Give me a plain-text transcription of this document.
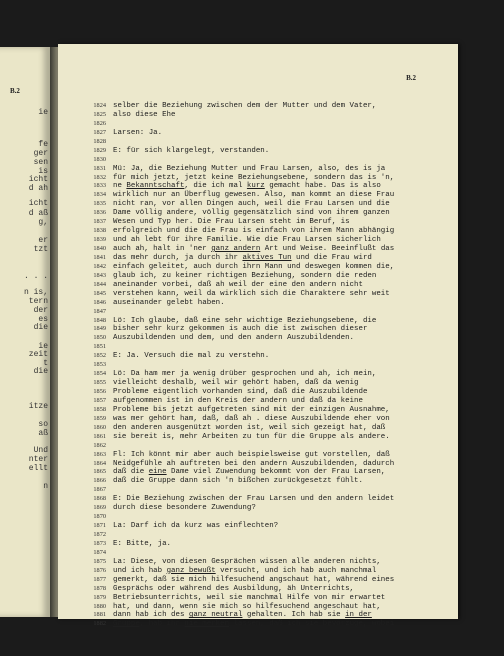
B.2
ie
fe
ger
sen
is
icht
d ah
icht
d aß
g,
er
tzt
. . .
n is,
tern
der
es
die
ie
zeit
t
die
itze
so
aß
Und
nter
ellt
n
B.2
1824 selber die Beziehung zwischen dem der Mutter und dem Vater,
1825 also diese Ehe
1826
1827 Larsen: Ja.
1828
1829 E: für sich klargelegt, verstanden.
1830
1831 Mü: Ja, die Beziehung Mutter und Frau Larsen, also, des is ja
1832 für mich jetzt, jetzt keine Beziehungsebene, sondern das is 'n,
1833 ne Bekanntschaft, die ich mal kurz gemacht habe. Das is also
1834 wirklich nur an Überflug gewesen. Also, man kommt an diese Frau
1835 nicht ran, vor allen Dingen auch, weil die Frau Larsen und die
1836 Dame völlig andere, völlig gegensätzlich sind von ihrem ganzen
1837 Wesen und Typ her. Die Frau Larsen steht im Beruf, is
1838 erfolgreich und die die Frau is einfach von ihrem Mann abhängig
1839 und ah lebt für ihre Familie. Wie die Frau Larsen sicherlich
1840 auch ah, halt in 'ner ganz andern Art und Weise. Beeinflußt das
1841 das mehr durch, ja durch ihr aktives Tun und die Frau wird
1842 einfach geleitet, auch durch ihrn Mann und deswegen kommen die,
1843 glaub ich, zu keiner richtigen Beziehung, sondern die reden
1844 aneinander vorbei, daß ah weil der eine den andern nicht
1845 verstehen kann, weil da wirklich sich die Charaktere sehr weit
1846 auseinander gelebt haben.
1847
1848 Lö: Ich glaube, daß eine sehr wichtige Beziehungsebene, die
1849 bisher sehr kurz gekommen is auch die ist zwischen dieser
1850 Auszubildenden und dem, und den andern Auszubildenden.
1851
1852 E: Ja. Versuch die mal zu verstehn.
1853
1854 Lö: Da ham mer ja wenig drüber gesprochen und ah, ich mein,
1855 vielleicht deshalb, weil wir gehört haben, daß da wenig
1856 Probleme eigentlich vorhanden sind, daß die Auszubildende
1857 aufgenommen ist in den Kreis der andern und daß da keine
1858 Probleme bis jetzt aufgetreten sind mit der einzigen Ausnahme,
1859 was mer gehört ham, daß, daß ah . diese Auszubildende eher von
1860 den anderen ausgenützt worden ist, weil sich gezeigt hat, daß
1861 sie bereit is, mehr Arbeiten zu tun für die Gruppe als andere.
1862
1863 Fl: Ich könnt mir aber auch beispielsweise gut vorstellen, daß
1864 Neidgefühle ah auftreten bei den andern Auszubildenden, dadurch
1865 daß die eine Dame viel Zuwendung bekommt von der Frau Larsen,
1866 daß die Gruppe dann sich 'n bißchen zurückgesetzt fühlt.
1867
1868 E: Die Beziehung zwischen der Frau Larsen und den andern leidet
1869 durch diese besondere Zuwendung?
1870
1871 La: Darf ich da kurz was einflechten?
1872
1873 E: Bitte, ja.
1874
1875 La: Diese, von diesen Gesprächen wissen alle anderen nichts,
1876 und ich hab ganz bewußt versucht, und ich hab auch manchmal
1877 gemerkt, daß sie mich hilfesuchend angschaut hat, während eines
1878 Gesprächs oder während des Ausbildung, äh Unterrichts,
1879 Betriebsunterrichts, weil sie manchmal Hilfe von mir erwartet
1880 hat, und dann, wenn sie mich so hilfesuchend angeschaut hat,
1881 dann hab ich des ganz neutral gehalten. Ich hab sie in der
1882 Gruppe, hab ihr nie merken lassen, daß ich sie bevorzuge, wobei
